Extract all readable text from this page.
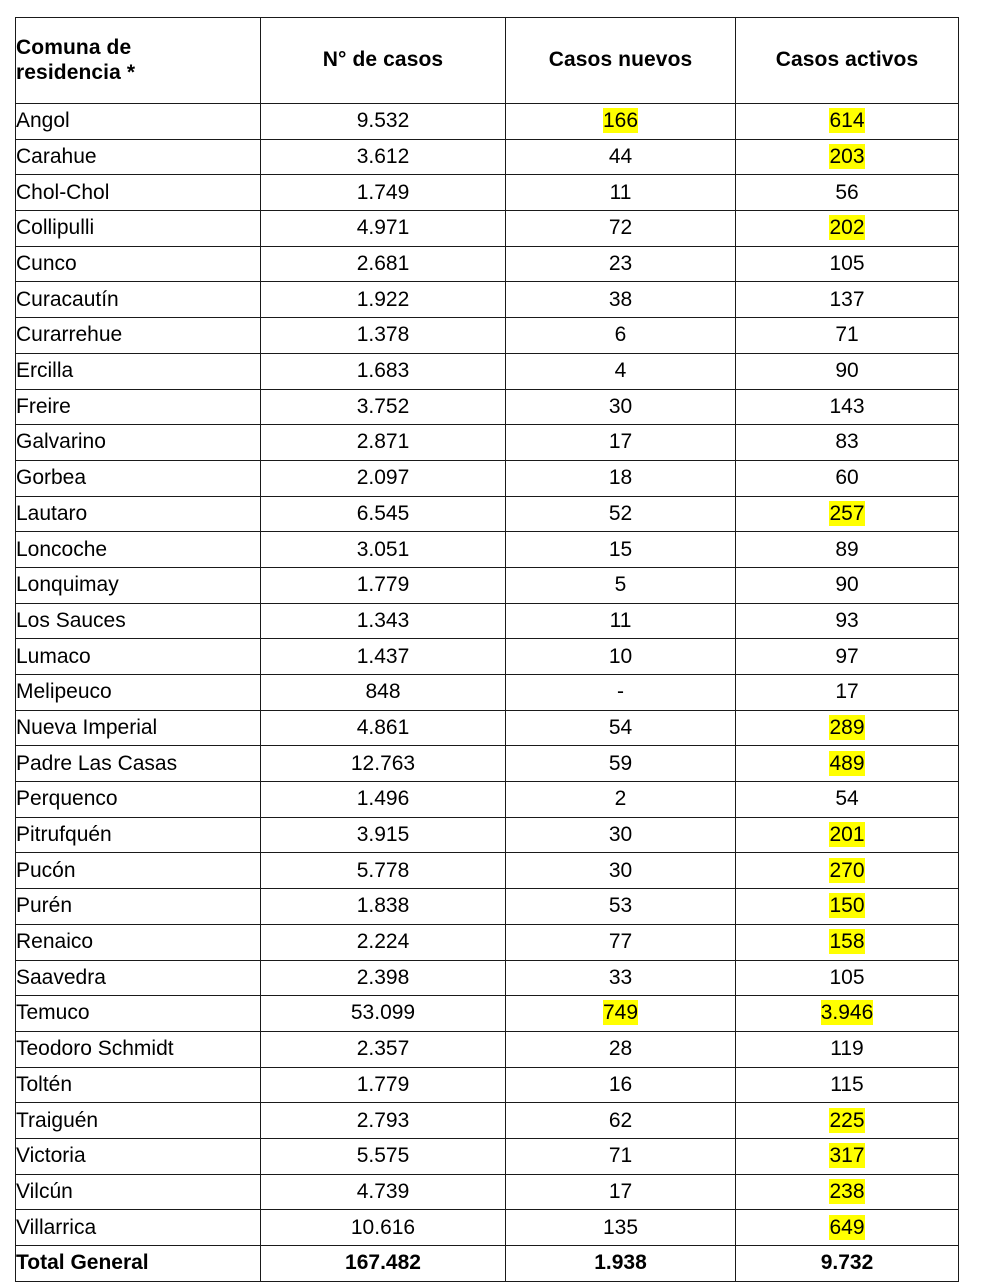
Comuna de
residencia *	N° de casos	Casos nuevos	Casos activos
Angol	9.532	166	614
Carahue	3.612	44	203
Chol-Chol	1.749	11	56
Collipulli	4.971	72	202
Cunco	2.681	23	105
Curacautín	1.922	38	137
Curarrehue	1.378	6	71
Ercilla	1.683	4	90
Freire	3.752	30	143
Galvarino	2.871	17	83
Gorbea	2.097	18	60
Lautaro	6.545	52	257
Loncoche	3.051	15	89
Lonquimay	1.779	5	90
Los Sauces	1.343	11	93
Lumaco	1.437	10	97
Melipeuco	848	-	17
Nueva Imperial	4.861	54	289
Padre Las Casas	12.763	59	489
Perquenco	1.496	2	54
Pitrufquén	3.915	30	201
Pucón	5.778	30	270
Purén	1.838	53	150
Renaico	2.224	77	158
Saavedra	2.398	33	105
Temuco	53.099	749	3.946
Teodoro Schmidt	2.357	28	119
Toltén	1.779	16	115
Traiguén	2.793	62	225
Victoria	5.575	71	317
Vilcún	4.739	17	238
Villarrica	10.616	135	649
Total General	167.482	1.938	9.732
